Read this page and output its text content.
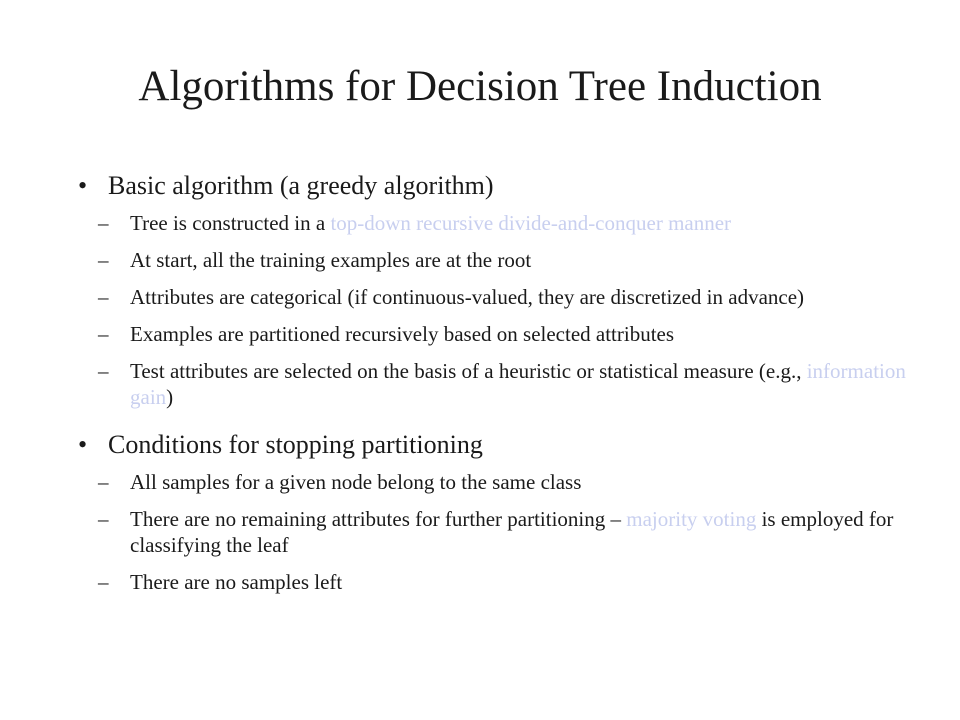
Algorithms for Decision Tree Induction
• Basic algorithm (a greedy algorithm)
– Tree is constructed in a top-down recursive divide-and-conquer manner
– At start, all the training examples are at the root
– Attributes are categorical (if continuous-valued, they are discretized in advance)
– Examples are partitioned recursively based on selected attributes
– Test attributes are selected on the basis of a heuristic or statistical measure (e.g., information gain)
• Conditions for stopping partitioning
– All samples for a given node belong to the same class
– There are no remaining attributes for further partitioning – majority voting is employed for classifying the leaf
– There are no samples left
